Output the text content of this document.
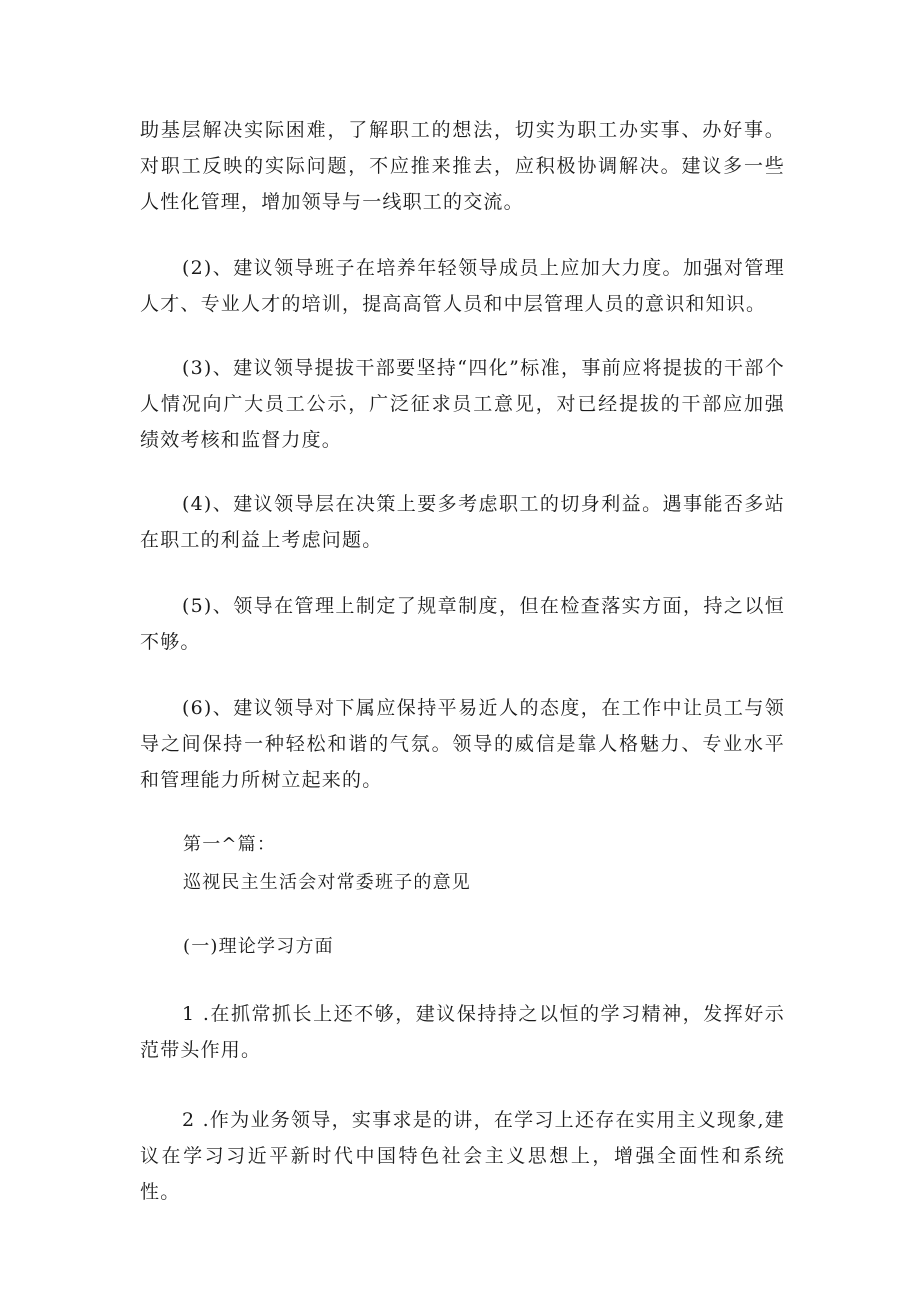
助基层解决实际困难，了解职工的想法，切实为职工办实事、办好事。对职工反映的实际问题，不应推来推去，应积极协调解决。建议多一些人性化管理，增加领导与一线职工的交流。

(2)、建议领导班子在培养年轻领导成员上应加大力度。加强对管理人才、专业人才的培训，提高高管人员和中层管理人员的意识和知识。

(3)、建议领导提拔干部要坚持“四化”标准，事前应将提拔的干部个人情况向广大员工公示，广泛征求员工意见，对已经提拔的干部应加强绩效考核和监督力度。

(4)、建议领导层在决策上要多考虑职工的切身利益。遇事能否多站在职工的利益上考虑问题。

(5)、领导在管理上制定了规章制度，但在检查落实方面，持之以恒不够。

(6)、建议领导对下属应保持平易近人的态度，在工作中让员工与领导之间保持一种轻松和谐的气氛。领导的威信是靠人格魅力、专业水平和管理能力所树立起来的。

第一^篇：

巡视民主生活会对常委班子的意见

(一)理论学习方面

1 .在抓常抓长上还不够，建议保持持之以恒的学习精神，发挥好示范带头作用。

2 .作为业务领导，实事求是的讲，在学习上还存在实用主义现象,建议在学习习近平新时代中国特色社会主义思想上，增强全面性和系统性。
